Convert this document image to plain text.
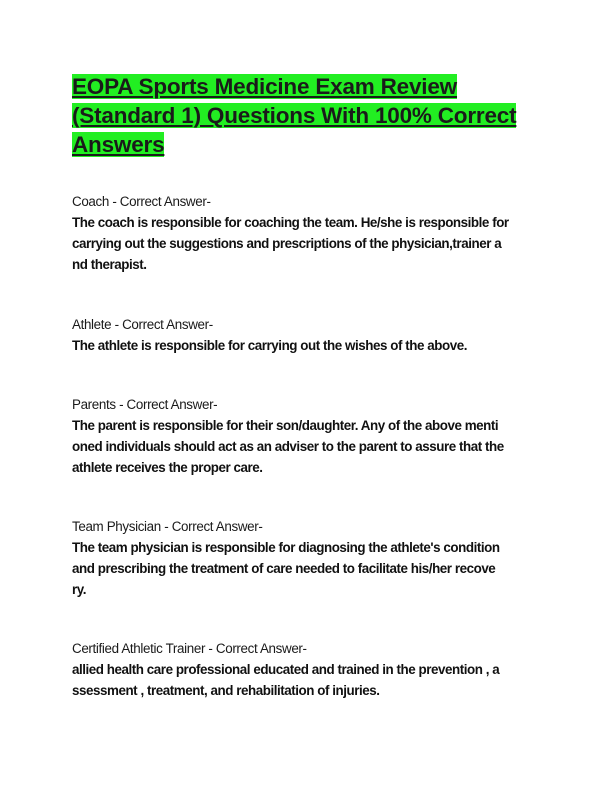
EOPA Sports Medicine Exam Review
(Standard 1) Questions With 100% Correct
Answers
Coach - Correct Answer-
The coach is responsible for coaching the team. He/she is responsible for
carrying out the suggestions and prescriptions of the physician,trainer a
nd therapist.
Athlete - Correct Answer-
The athlete is responsible for carrying out the wishes of the above.
Parents - Correct Answer-
The parent is responsible for their son/daughter. Any of the above menti
oned individuals should act as an adviser to the parent to assure that the
athlete receives the proper care.
Team Physician - Correct Answer-
The team physician is responsible for diagnosing the athlete's condition
and prescribing the treatment of care needed to facilitate his/her recove
ry.
Certified Athletic Trainer - Correct Answer-
allied health care professional educated and trained in the prevention , a
ssessment , treatment, and rehabilitation of injuries.
